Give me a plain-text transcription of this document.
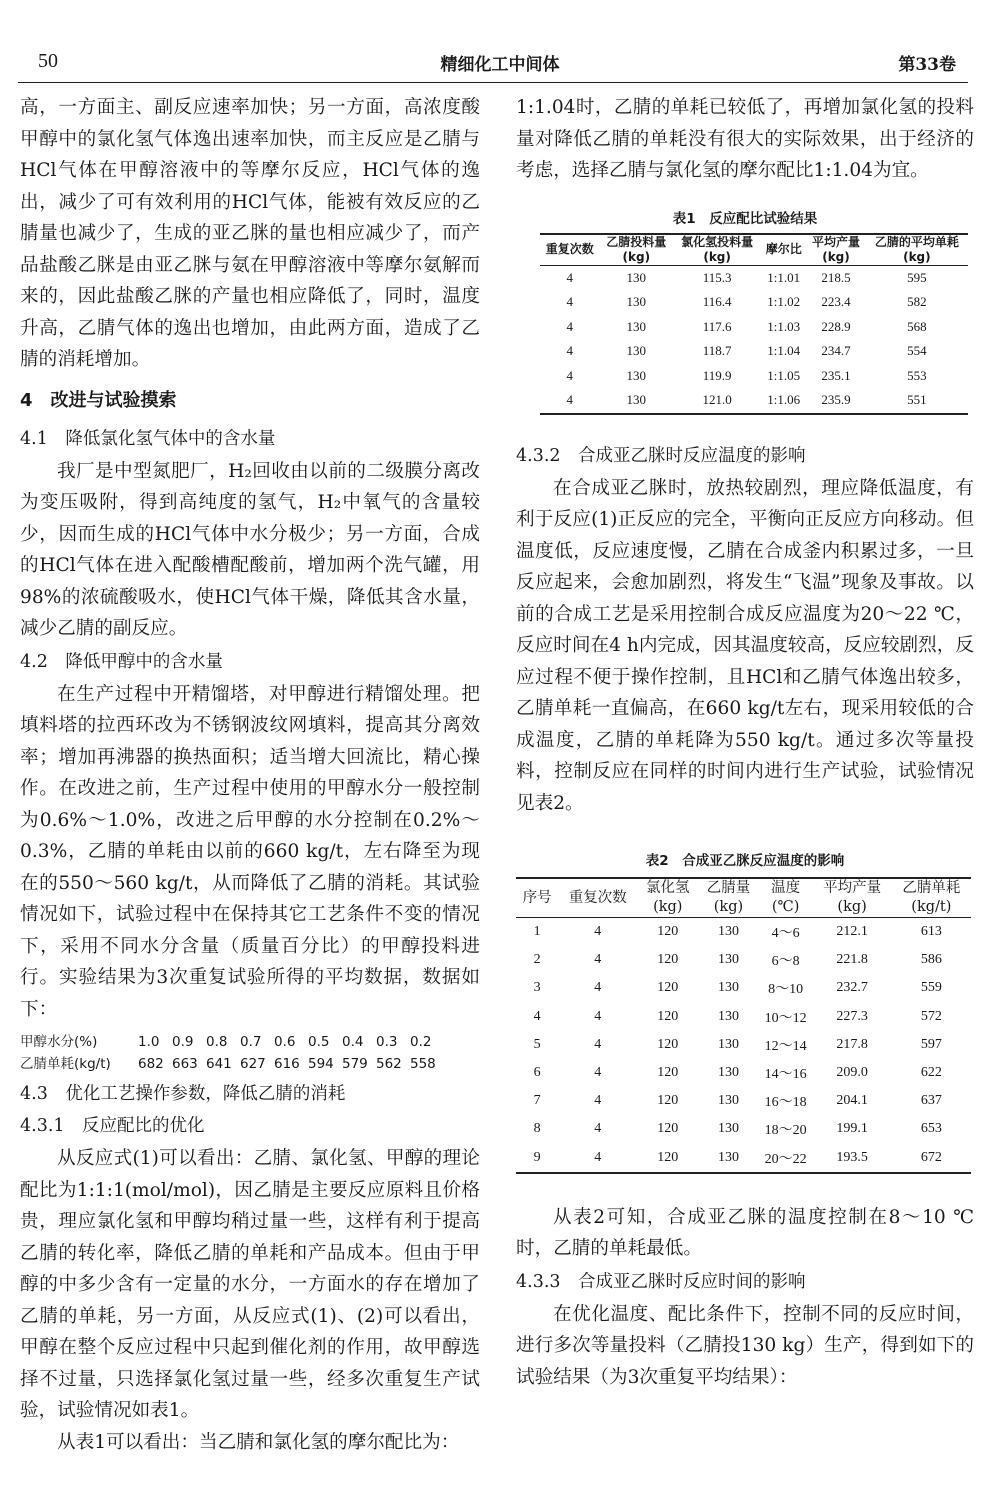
50	精细化工中间体	第33卷

高，一方面主、副反应速率加快；另一方面，高浓度酸甲醇中的氯化氢气体逸出速率加快，而主反应是乙腈与HCl气体在甲醇溶液中的等摩尔反应，HCl气体的逸出，减少了可有效利用的HCl气体，能被有效反应的乙腈量也减少了，生成的亚乙脒的量也相应减少了，而产品盐酸乙脒是由亚乙脒与氨在甲醇溶液中等摩尔氨解而来的，因此盐酸乙脒的产量也相应降低了，同时，温度升高，乙腈气体的逸出也增加，由此两方面，造成了乙腈的消耗增加。

4　改进与试验摸索
4.1　降低氯化氢气体中的含水量

我厂是中型氮肥厂，H₂回收由以前的二级膜分离改为变压吸附，得到高纯度的氢气，H₂中氧气的含量较少，因而生成的HCl气体中水分极少；另一方面，合成的HCl气体在进入配酸槽配酸前，增加两个洗气罐，用98%的浓硫酸吸水，使HCl气体干燥，降低其含水量，减少乙腈的副反应。

4.2　降低甲醇中的含水量

在生产过程中开精馏塔，对甲醇进行精馏处理。把填料塔的拉西环改为不锈钢波纹网填料，提高其分离效率；增加再沸器的换热面积；适当增大回流比，精心操作。在改进之前，生产过程中使用的甲醇水分一般控制为0.6%～1.0%，改进之后甲醇的水分控制在0.2%～0.3%，乙腈的单耗由以前的660 kg/t，左右降至为现在的550～560 kg/t，从而降低了乙腈的消耗。其试验情况如下，试验过程中在保持其它工艺条件不变的情况下，采用不同水分含量（质量百分比）的甲醇投料进行。实验结果为3次重复试验所得的平均数据，数据如下：

甲醇水分(%)	1.0 0.9 0.8 0.7 0.6 0.5 0.4 0.3 0.2
乙腈单耗(kg/t) 682 663 641 627 616 594 579 562 558
4.3　优化工艺操作参数，降低乙腈的消耗
4.3.1　反应配比的优化

从反应式(1)可以看出：乙腈、氯化氢、甲醇的理论配比为1:1:1(mol/mol)，因乙腈是主要反应原料且价格贵，理应氯化氢和甲醇均稍过量一些，这样有利于提高乙腈的转化率，降低乙腈的单耗和产品成本。但由于甲醇的中多少含有一定量的水分，一方面水的存在增加了乙腈的单耗，另一方面，从反应式(1)、(2)可以看出，甲醇在整个反应过程中只起到催化剂的作用，故甲醇选择不过量，只选择氯化氢过量一些，经多次重复生产试验，试验情况如表1。

从表1可以看出：当乙腈和氯化氢的摩尔配比为：

1:1.04时，乙腈的单耗已较低了，再增加氯化氢的投料量对降低乙腈的单耗没有很大的实际效果，出于经济的考虑，选择乙腈与氯化氢的摩尔配比1:1.04为宜。

表1　反应配比试验结果
重复次数	乙腈投料量	氯化氢投料量	摩尔比	平均产量	乙腈的平均单耗
	(kg)	(kg)		(kg)	(kg)
4	130	115.3	1:1.01	218.5	595
4	130	116.4	1:1.02	223.4	582
4	130	117.6	1:1.03	228.9	568
4	130	118.7	1:1.04	234.7	554
4	130	119.9	1:1.05	235.1	553
4	130	121.0	1:1.06	235.9	551
4.3.2　合成亚乙脒时反应温度的影响

在合成亚乙脒时，放热较剧烈，理应降低温度，有利于反应(1)正反应的完全，平衡向正反应方向移动。但温度低，反应速度慢，乙腈在合成釜内积累过多，一旦反应起来，会愈加剧烈，将发生“飞温”现象及事故。以前的合成工艺是采用控制合成反应温度为20～22 ℃，反应时间在4 h内完成，因其温度较高，反应较剧烈，反应过程不便于操作控制，且HCl和乙腈气体逸出较多，乙腈单耗一直偏高，在660 kg/t左右，现采用较低的合成温度，乙腈的单耗降为550 kg/t。通过多次等量投料，控制反应在同样的时间内进行生产试验，试验情况见表2。

表2　合成亚乙脒反应温度的影响
序号	重复次数	氯化氢	乙腈量	温度	平均产量	乙腈单耗
		(kg)	(kg)	(℃)	(kg)	(kg/t)
1	4	120	130	4～6	212.1	613
2	4	120	130	6～8	221.8	586
3	4	120	130	8～10	232.7	559
4	4	120	130	10～12	227.3	572
5	4	120	130	12～14	217.8	597
6	4	120	130	14～16	209.0	622
7	4	120	130	16～18	204.1	637
8	4	120	130	18～20	199.1	653
9	4	120	130	20～22	193.5	672

从表2可知，合成亚乙脒的温度控制在8～10 ℃时，乙腈的单耗最低。

4.3.3　合成亚乙脒时反应时间的影响

在优化温度、配比条件下，控制不同的反应时间，进行多次等量投料（乙腈投130 kg）生产，得到如下的试验结果（为3次重复平均结果）：
